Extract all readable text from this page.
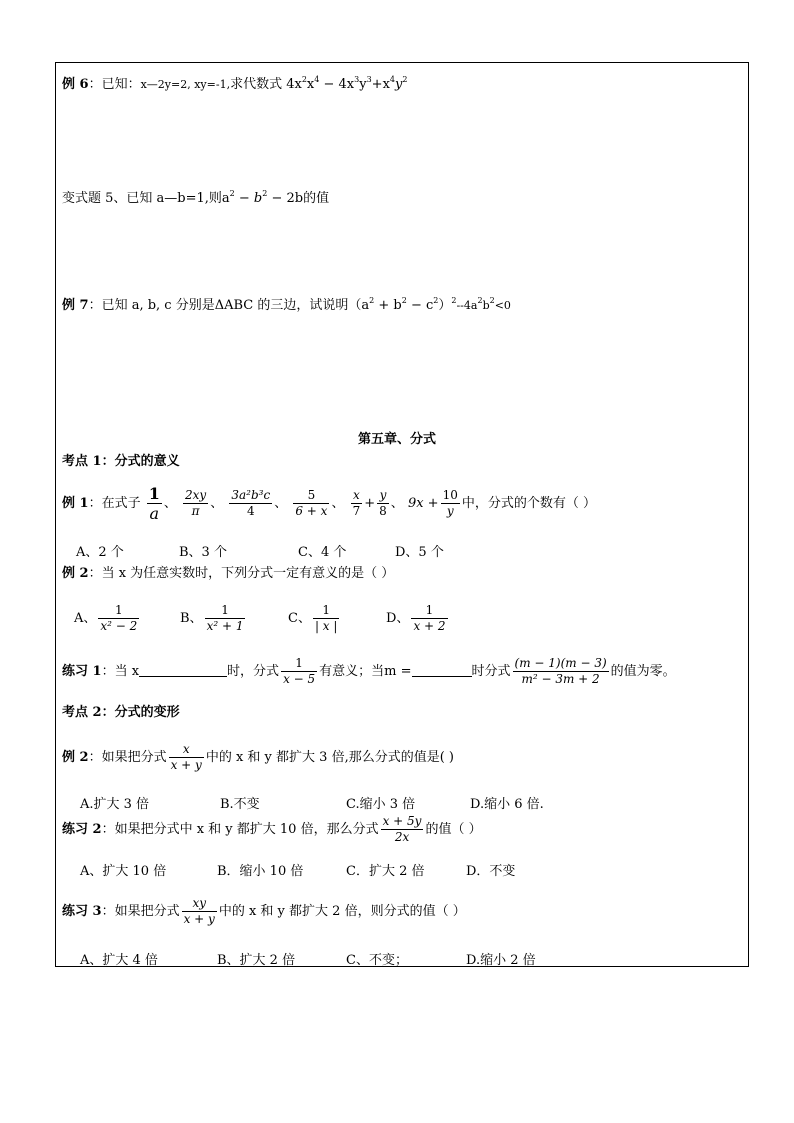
例 6：已知：x—2y=2, xy=-1,求代数式 $4x^2x^4 - 4x^3y^3+x^4y^2$
变式题 5、已知 a—b=1,则$a^2 - b^2 - 2b$的值
例 7：已知 a, b, c 分别是ΔABC 的三边，试说明$(a^2 + b^2 - c^2)^2--4a^2b^2<0$
第五章、分式
考点 1：分式的意义
例 1：在式子 $\frac{1}{a}$ 、 $\frac{2xy}{\pi}$ 、 $\frac{\text{3a²b³c}}{4}$ 、 $\frac{5}{6 + x}$ 、 $\frac{x}{7} + \frac{y}{8}$ 、 $9x + \frac{10}{y}$ 中，分式的个数有（ ）
A、2 个	B、3 个	C、4 个	D、5 个
例 2：当 x 为任意实数时，下列分式一定有意义的是（ ）
A、 $\frac{1}{\text{x² − 2}}$	B、 $\frac{1}{\text{x² + 1}}$	C、 $\frac{1}{| x |}$	D、 $\frac{1}{x + 2}$
练习 1：当 x	时，分式 $\frac{1}{x - 5}$ 有意义；当m =	时分式 $\frac{(m - 1)(m - 3)}{\text{m² − 3m + 2}}$ 的值为零。
考点 2：分式的变形
例 2：如果把分式 $\frac{x}{x + y}$ 中的 x 和 y 都扩大 3 倍,那么分式的值是( )
A.扩大 3 倍	B.不变	C.缩小 3 倍	D.缩小 6 倍.
练习 2：如果把分式中 x 和 y 都扩大 10 倍，那么分式 $\frac{x + 5y}{2x}$ 的值（ ）
A、扩大 10 倍	B．缩小 10 倍	C．扩大 2 倍	D．不变
练习 3：如果把分式 $\frac{xy}{x + y}$ 中的 x 和 y 都扩大 2 倍，则分式的值（ ）
A、扩大 4 倍	B、扩大 2 倍	C、不变；	D.缩小 2 倍
